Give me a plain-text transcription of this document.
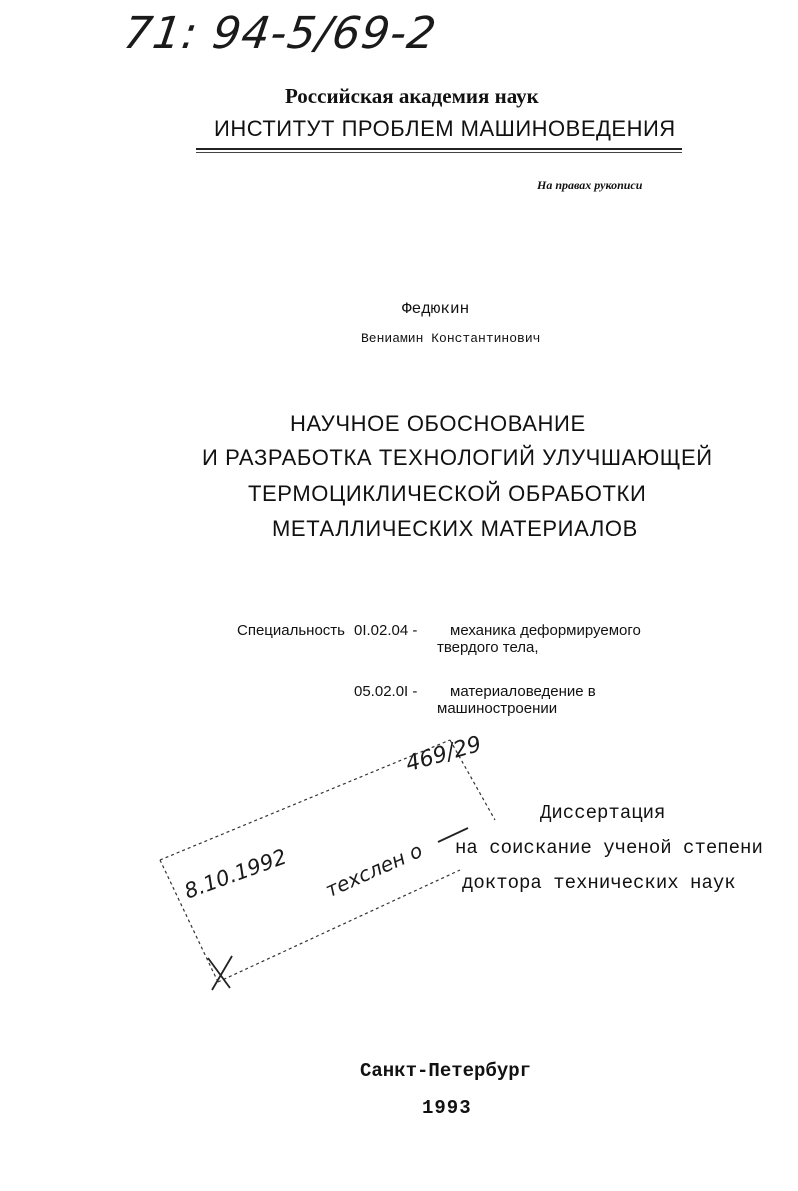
71: 94-5/69-2
Российская академия наук
ИНСТИТУТ ПРОБЛЕМ МАШИНОВЕДЕНИЯ
На правах рукописи
Федюкин
Вениамин Константинович
НАУЧНОЕ ОБОСНОВАНИЕ
И РАЗРАБОТКА ТЕХНОЛОГИЙ УЛУЧШАЮЩЕЙ
ТЕРМОЦИКЛИЧЕСКОЙ ОБРАБОТКИ
МЕТАЛЛИЧЕСКИХ МАТЕРИАЛОВ
Специальность 0I.02.04 - механика деформируемого
твердого тела,
05.02.0I - материаловедение в
машиностроении
469/29
8.10.1992 техслен о
Диссертация
на соискание ученой степени
доктора технических наук
Санкт-Петербург
1993
